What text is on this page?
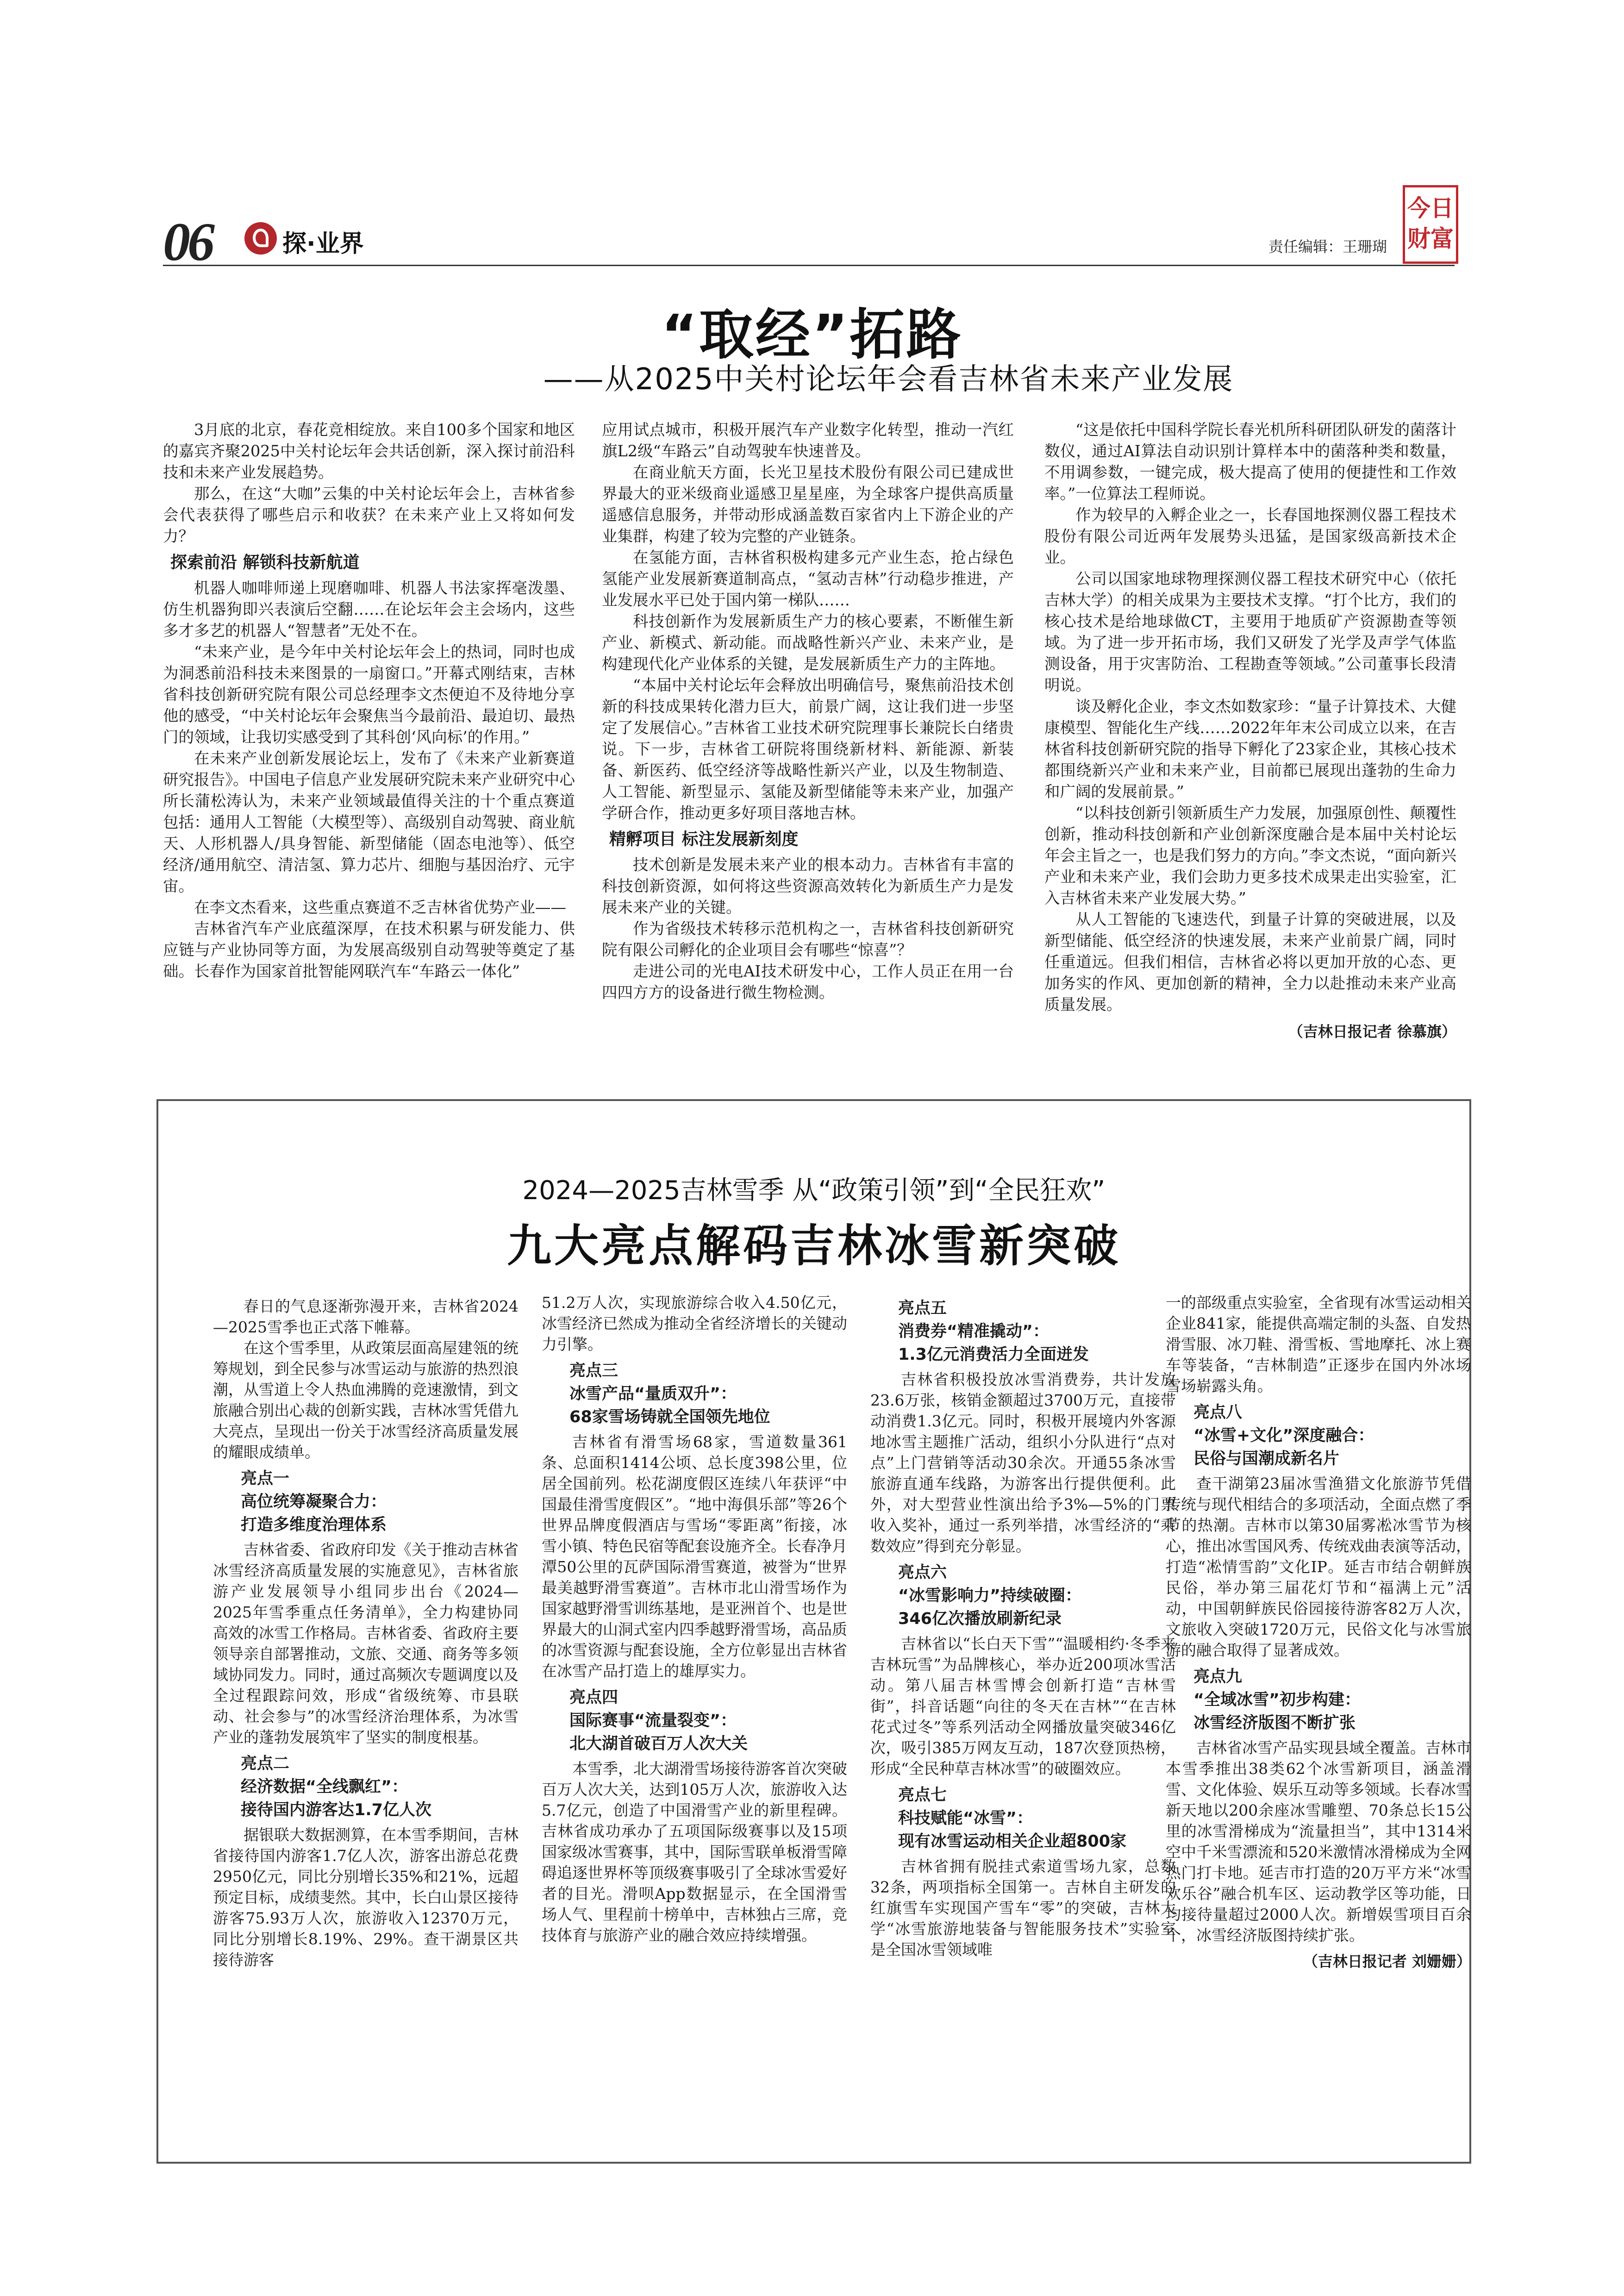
06	探·业界	责任编辑：王珊瑚
今日财富
“取经”拓路
——从2025中关村论坛年会看吉林省未来产业发展

3月底的北京，春花竞相绽放。来自100多个国家和地区的嘉宾齐聚2025中关村论坛年会共话创新，深入探讨前沿科技和未来产业发展趋势。

那么，在这“大咖”云集的中关村论坛年会上，吉林省参会代表获得了哪些启示和收获？在未来产业上又将如何发力？

探索前沿 解锁科技新航道

机器人咖啡师递上现磨咖啡、机器人书法家挥毫泼墨、仿生机器狗即兴表演后空翻……在论坛年会主会场内，这些多才多艺的机器人“智慧者”无处不在。

“未来产业，是今年中关村论坛年会上的热词，同时也成为洞悉前沿科技未来图景的一扇窗口。”开幕式刚结束，吉林省科技创新研究院有限公司总经理李文杰便迫不及待地分享他的感受，“中关村论坛年会聚焦当今最前沿、最迫切、最热门的领域，让我切实感受到了其科创‘风向标’的作用。”

在未来产业创新发展论坛上，发布了《未来产业新赛道研究报告》。中国电子信息产业发展研究院未来产业研究中心所长蒲松涛认为，未来产业领域最值得关注的十个重点赛道包括：通用人工智能（大模型等）、高级别自动驾驶、商业航天、人形机器人/具身智能、新型储能（固态电池等）、低空经济/通用航空、清洁氢、算力芯片、细胞与基因治疗、元宇宙。

在李文杰看来，这些重点赛道不乏吉林省优势产业——

吉林省汽车产业底蕴深厚，在技术积累与研发能力、供应链与产业协同等方面，为发展高级别自动驾驶等奠定了基础。长春作为国家首批智能网联汽车“车路云一体化”

应用试点城市，积极开展汽车产业数字化转型，推动一汽红旗L2级“车路云”自动驾驶车快速普及。

在商业航天方面，长光卫星技术股份有限公司已建成世界最大的亚米级商业遥感卫星星座，为全球客户提供高质量遥感信息服务，并带动形成涵盖数百家省内上下游企业的产业集群，构建了较为完整的产业链条。

在氢能方面，吉林省积极构建多元产业生态，抢占绿色氢能产业发展新赛道制高点，“氢动吉林”行动稳步推进，产业发展水平已处于国内第一梯队……

科技创新作为发展新质生产力的核心要素，不断催生新产业、新模式、新动能。而战略性新兴产业、未来产业，是构建现代化产业体系的关键，是发展新质生产力的主阵地。

“本届中关村论坛年会释放出明确信号，聚焦前沿技术创新的科技成果转化潜力巨大，前景广阔，这让我们进一步坚定了发展信心。”吉林省工业技术研究院理事长兼院长白绪贵说。下一步，吉林省工研院将围绕新材料、新能源、新装备、新医药、低空经济等战略性新兴产业，以及生物制造、人工智能、新型显示、氢能及新型储能等未来产业，加强产学研合作，推动更多好项目落地吉林。

精孵项目 标注发展新刻度

技术创新是发展未来产业的根本动力。吉林省有丰富的科技创新资源，如何将这些资源高效转化为新质生产力是发展未来产业的关键。

作为省级技术转移示范机构之一，吉林省科技创新研究院有限公司孵化的企业项目会有哪些“惊喜”？

走进公司的光电AI技术研发中心，工作人员正在用一台四四方方的设备进行微生物检测。

“这是依托中国科学院长春光机所科研团队研发的菌落计数仪，通过AI算法自动识别计算样本中的菌落种类和数量，不用调参数，一键完成，极大提高了使用的便捷性和工作效率。”一位算法工程师说。

作为较早的入孵企业之一，长春国地探测仪器工程技术股份有限公司近两年发展势头迅猛，是国家级高新技术企业。

公司以国家地球物理探测仪器工程技术研究中心（依托吉林大学）的相关成果为主要技术支撑。“打个比方，我们的核心技术是给地球做CT，主要用于地质矿产资源勘查等领域。为了进一步开拓市场，我们又研发了光学及声学气体监测设备，用于灾害防治、工程勘查等领域。”公司董事长段清明说。

谈及孵化企业，李文杰如数家珍：“量子计算技术、大健康模型、智能化生产线……2022年年末公司成立以来，在吉林省科技创新研究院的指导下孵化了23家企业，其核心技术都围绕新兴产业和未来产业，目前都已展现出蓬勃的生命力和广阔的发展前景。”

“以科技创新引领新质生产力发展，加强原创性、颠覆性创新，推动科技创新和产业创新深度融合是本届中关村论坛年会主旨之一，也是我们努力的方向。”李文杰说，“面向新兴产业和未来产业，我们会助力更多技术成果走出实验室，汇入吉林省未来产业发展大势。”

从人工智能的飞速迭代，到量子计算的突破进展，以及新型储能、低空经济的快速发展，未来产业前景广阔，同时任重道远。但我们相信，吉林省必将以更加开放的心态、更加务实的作风、更加创新的精神，全力以赴推动未来产业高质量发展。

（吉林日报记者 徐慕旗）
2024—2025吉林雪季 从“政策引领”到“全民狂欢”
九大亮点解码吉林冰雪新突破

春日的气息逐渐弥漫开来，吉林省2024—2025雪季也正式落下帷幕。

在这个雪季里，从政策层面高屋建瓴的统筹规划，到全民参与冰雪运动与旅游的热烈浪潮，从雪道上令人热血沸腾的竞速激情，到文旅融合别出心裁的创新实践，吉林冰雪凭借九大亮点，呈现出一份关于冰雪经济高质量发展的耀眼成绩单。

亮点一
高位统筹凝聚合力：
打造多维度治理体系

吉林省委、省政府印发《关于推动吉林省冰雪经济高质量发展的实施意见》，吉林省旅游产业发展领导小组同步出台《2024—2025年雪季重点任务清单》，全力构建协同高效的冰雪工作格局。吉林省委、省政府主要领导亲自部署推动，文旅、交通、商务等多领域协同发力。同时，通过高频次专题调度以及全过程跟踪问效，形成“省级统筹、市县联动、社会参与”的冰雪经济治理体系，为冰雪产业的蓬勃发展筑牢了坚实的制度根基。

亮点二
经济数据“全线飘红”：
接待国内游客达1.7亿人次

据银联大数据测算，在本雪季期间，吉林省接待国内游客1.7亿人次，游客出游总花费2950亿元，同比分别增长35%和21%，远超预定目标，成绩斐然。其中，长白山景区接待游客75.93万人次，旅游收入12370万元，同比分别增长8.19%、29%。查干湖景区共接待游客

51.2万人次，实现旅游综合收入4.50亿元，冰雪经济已然成为推动全省经济增长的关键动力引擎。

亮点三
冰雪产品“量质双升”：
68家雪场铸就全国领先地位

吉林省有滑雪场68家，雪道数量361条、总面积1414公顷、总长度398公里，位居全国前列。松花湖度假区连续八年获评“中国最佳滑雪度假区”。“地中海俱乐部”等26个世界品牌度假酒店与雪场“零距离”衔接，冰雪小镇、特色民宿等配套设施齐全。长春净月潭50公里的瓦萨国际滑雪赛道，被誉为“世界最美越野滑雪赛道”。吉林市北山滑雪场作为国家越野滑雪训练基地，是亚洲首个、也是世界最大的山洞式室内四季越野滑雪场，高品质的冰雪资源与配套设施，全方位彰显出吉林省在冰雪产品打造上的雄厚实力。

亮点四
国际赛事“流量裂变”：
北大湖首破百万人次大关

本雪季，北大湖滑雪场接待游客首次突破百万人次大关，达到105万人次，旅游收入达5.7亿元，创造了中国滑雪产业的新里程碑。吉林省成功承办了五项国际级赛事以及15项国家级冰雪赛事，其中，国际雪联单板滑雪障碍追逐世界杯等顶级赛事吸引了全球冰雪爱好者的目光。滑呗App数据显示，在全国滑雪场人气、里程前十榜单中，吉林独占三席，竞技体育与旅游产业的融合效应持续增强。

亮点五
消费券“精准撬动”：
1.3亿元消费活力全面迸发

吉林省积极投放冰雪消费券，共计发放23.6万张，核销金额超过3700万元，直接带动消费1.3亿元。同时，积极开展境内外客源地冰雪主题推广活动，组织小分队进行“点对点”上门营销等活动30余次。开通55条冰雪旅游直通车线路，为游客出行提供便利。此外，对大型营业性演出给予3%—5%的门票收入奖补，通过一系列举措，冰雪经济的“乘数效应”得到充分彰显。

亮点六
“冰雪影响力”持续破圈：
346亿次播放刷新纪录

吉林省以“长白天下雪”“温暖相约·冬季来吉林玩雪”为品牌核心，举办近200项冰雪活动。第八届吉林雪博会创新打造“吉林雪街”，抖音话题“向往的冬天在吉林”“在吉林花式过冬”等系列活动全网播放量突破346亿次，吸引385万网友互动，187次登顶热榜，形成“全民种草吉林冰雪”的破圈效应。

亮点七
科技赋能“冰雪”：
现有冰雪运动相关企业超800家

吉林省拥有脱挂式索道雪场九家，总数32条，两项指标全国第一。吉林自主研发的红旗雪车实现国产雪车“零”的突破，吉林大学“冰雪旅游地装备与智能服务技术”实验室是全国冰雪领域唯

一的部级重点实验室，全省现有冰雪运动相关企业841家，能提供高端定制的头盔、自发热滑雪服、冰刀鞋、滑雪板、雪地摩托、冰上赛车等装备，“吉林制造”正逐步在国内外冰场雪场崭露头角。

亮点八
“冰雪+文化”深度融合：
民俗与国潮成新名片

查干湖第23届冰雪渔猎文化旅游节凭借传统与现代相结合的多项活动，全面点燃了季节的热潮。吉林市以第30届雾凇冰雪节为核心，推出冰雪国风秀、传统戏曲表演等活动，打造“凇情雪韵”文化IP。延吉市结合朝鲜族民俗，举办第三届花灯节和“福满上元”活动，中国朝鲜族民俗园接待游客82万人次，文旅收入突破1720万元，民俗文化与冰雪旅游的融合取得了显著成效。

亮点九
“全域冰雪”初步构建：
冰雪经济版图不断扩张

吉林省冰雪产品实现县域全覆盖。吉林市本雪季推出38类62个冰雪新项目，涵盖滑雪、文化体验、娱乐互动等多领域。长春冰雪新天地以200余座冰雪雕塑、70条总长15公里的冰雪滑梯成为“流量担当”，其中1314米空中千米雪漂流和520米激情冰滑梯成为全网热门打卡地。延吉市打造的20万平方米“冰雪欢乐谷”融合机车区、运动教学区等功能，日均接待量超过2000人次。新增娱雪项目百余个，冰雪经济版图持续扩张。

（吉林日报记者 刘姗姗）
